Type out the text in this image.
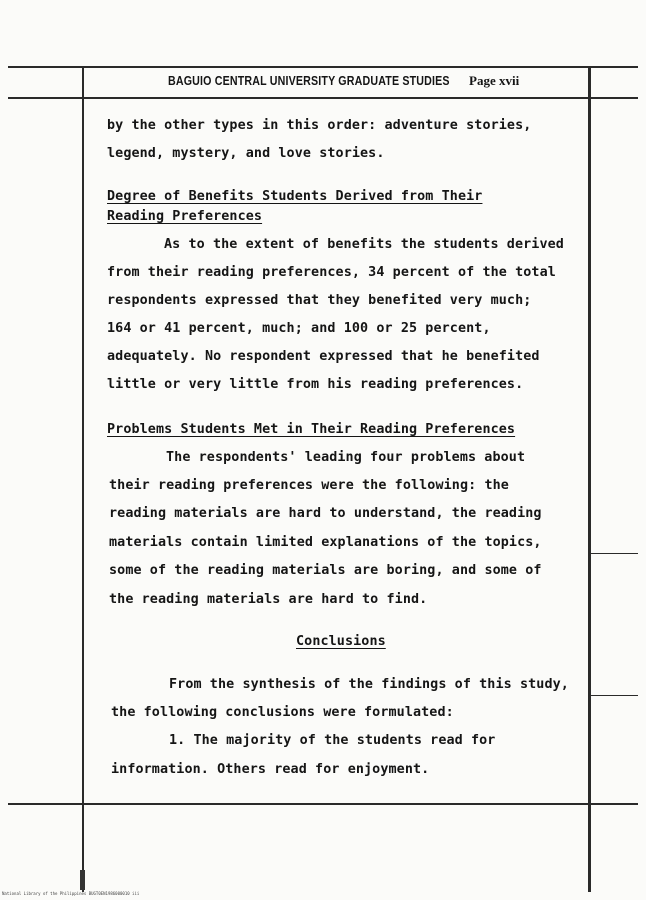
BAGUIO CENTRAL UNIVERSITY GRADUATE STUDIES Page xvii
by the other types in this order: adventure stories,
legend, mystery, and love stories.
Degree of Benefits Students Derived from Their
Reading Preferences
As to the extent of benefits the students derived
from their reading preferences, 34 percent of the total
respondents expressed that they benefited very much;
164 or 41 percent, much; and 100 or 25 percent,
adequately. No respondent expressed that he benefited
little or very little from his reading preferences.
Problems Students Met in Their Reading Preferences
The respondents' leading four problems about
their reading preferences were the following: the
reading materials are hard to understand, the reading
materials contain limited explanations of the topics,
some of the reading materials are boring, and some of
the reading materials are hard to find.
Conclusions
From the synthesis of the findings of this study,
the following conclusions were formulated:
1. The majority of the students read for
information. Others read for enjoyment.
National Library of the Philippines BUGT0EN1986000010 iii
